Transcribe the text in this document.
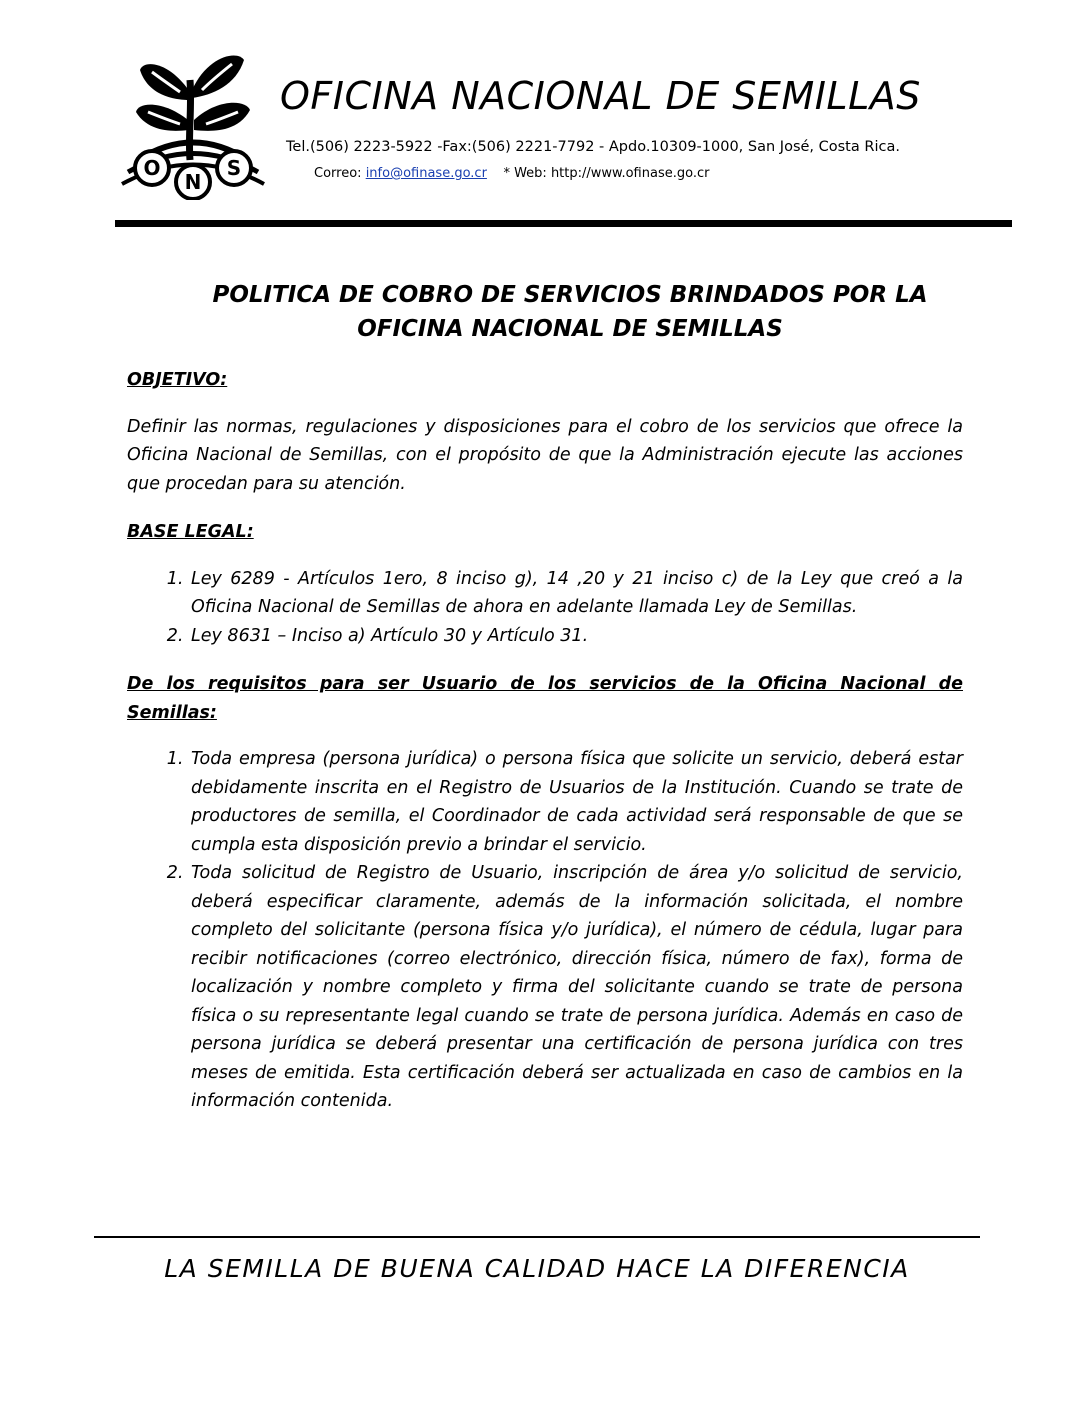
O
N
S
OFICINA NACIONAL DE SEMILLAS
Tel.(506) 2223-5922 -Fax:(506) 2221-7792 - Apdo.10309-1000, San José, Costa Rica.
Correo: info@ofinase.go.cr * Web: http://www.ofinase.go.cr
POLITICA DE COBRO DE SERVICIOS BRINDADOS POR LA
OFICINA NACIONAL DE SEMILLAS
OBJETIVO:
Definir las normas, regulaciones y disposiciones para el cobro de los servicios que ofrece la Oficina Nacional de Semillas, con el propósito de que la Administración ejecute las acciones que procedan para su atención.
BASE LEGAL:
1. Ley 6289 - Artículos 1ero, 8 inciso g), 14 ,20 y 21 inciso c) de la Ley que creó a la Oficina Nacional de Semillas de ahora en adelante llamada Ley de Semillas.
2. Ley 8631 – Inciso a) Artículo 30 y Artículo 31.
De los requisitos para ser Usuario de los servicios de la Oficina Nacional de Semillas:
1. Toda empresa (persona jurídica) o persona física que solicite un servicio, deberá estar debidamente inscrita en el Registro de Usuarios de la Institución. Cuando se trate de productores de semilla, el Coordinador de cada actividad será responsable de que se cumpla esta disposición previo a brindar el servicio.
2. Toda solicitud de Registro de Usuario, inscripción de área y/o solicitud de servicio, deberá especificar claramente, además de la información solicitada, el nombre completo del solicitante (persona física y/o jurídica), el número de cédula, lugar para recibir notificaciones (correo electrónico, dirección física, número de fax), forma de localización y nombre completo y firma del solicitante cuando se trate de persona física o su representante legal cuando se trate de persona jurídica. Además en caso de persona jurídica se deberá presentar una certificación de persona jurídica con tres meses de emitida. Esta certificación deberá ser actualizada en caso de cambios en la información contenida.
LA SEMILLA DE BUENA CALIDAD HACE LA DIFERENCIA
